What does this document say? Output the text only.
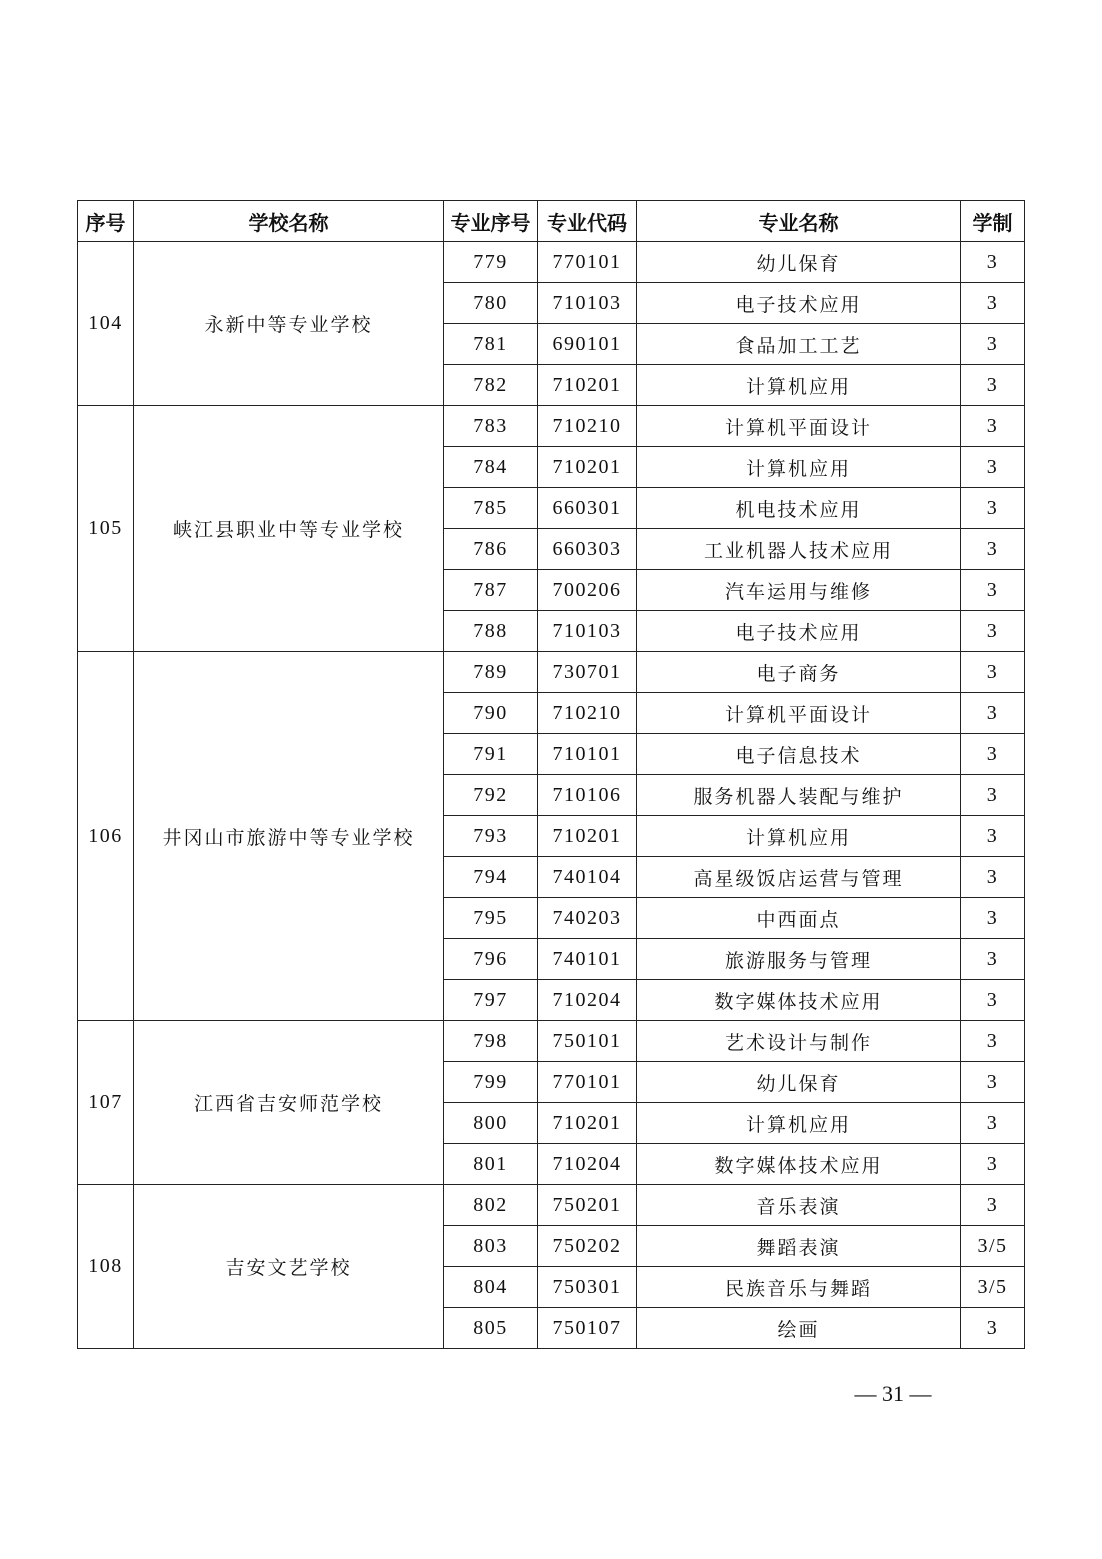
序号	学校名称	专业序号	专业代码	专业名称	学制
104	永新中等专业学校	779	770101	幼儿保育	3
		780	710103	电子技术应用	3
		781	690101	食品加工工艺	3
		782	710201	计算机应用	3
105	峡江县职业中等专业学校	783	710210	计算机平面设计	3
		784	710201	计算机应用	3
		785	660301	机电技术应用	3
		786	660303	工业机器人技术应用	3
		787	700206	汽车运用与维修	3
		788	710103	电子技术应用	3
106	井冈山市旅游中等专业学校	789	730701	电子商务	3
		790	710210	计算机平面设计	3
		791	710101	电子信息技术	3
		792	710106	服务机器人装配与维护	3
		793	710201	计算机应用	3
		794	740104	高星级饭店运营与管理	3
		795	740203	中西面点	3
		796	740101	旅游服务与管理	3
		797	710204	数字媒体技术应用	3
107	江西省吉安师范学校	798	750101	艺术设计与制作	3
		799	770101	幼儿保育	3
		800	710201	计算机应用	3
		801	710204	数字媒体技术应用	3
108	吉安文艺学校	802	750201	音乐表演	3
		803	750202	舞蹈表演	3/5
		804	750301	民族音乐与舞蹈	3/5
		805	750107	绘画	3
— 31 —
